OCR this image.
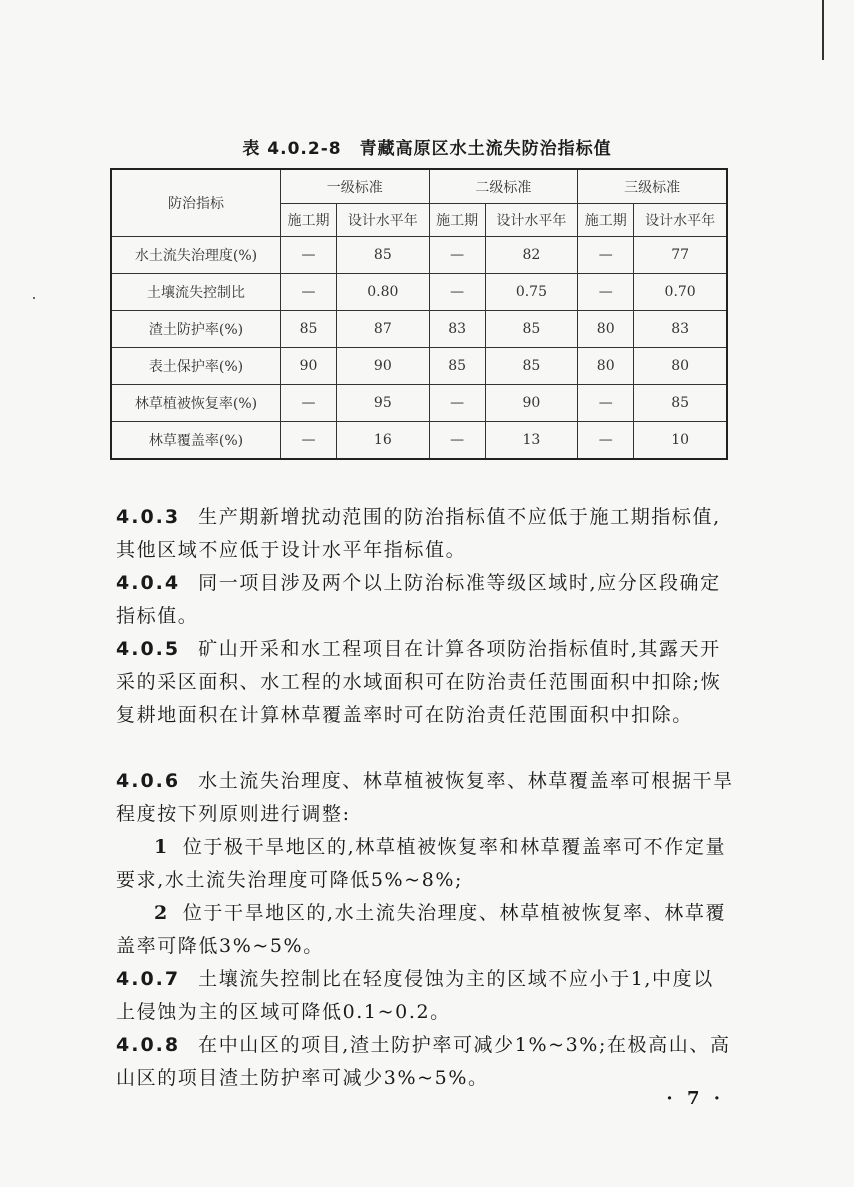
表 4.0.2-8 青藏高原区水土流失防治指标值
防治指标	一级标准		二级标准		三级标准	
	施工期	设计水平年	施工期	设计水平年	施工期	设计水平年
水土流失治理度(%)	—	85	—	82	—	77
土壤流失控制比	—	0.80	—	0.75	—	0.70
渣土防护率(%)	85	87	83	85	80	83
表土保护率(%)	90	90	85	85	80	80
林草植被恢复率(%)	—	95	—	90	—	85
林草覆盖率(%)	—	16	—	13	—	10

4.0.3 生产期新增扰动范围的防治指标值不应低于施工期指标值,其他区域不应低于设计水平年指标值。

4.0.4 同一项目涉及两个以上防治标准等级区域时,应分区段确定指标值。

4.0.5 矿山开采和水工程项目在计算各项防治指标值时,其露天开采的采区面积、水工程的水域面积可在防治责任范围面积中扣除;恢复耕地面积在计算林草覆盖率时可在防治责任范围面积中扣除。

4.0.6 水土流失治理度、林草植被恢复率、林草覆盖率可根据干旱程度按下列原则进行调整:

1 位于极干旱地区的,林草植被恢复率和林草覆盖率可不作定量要求,水土流失治理度可降低5%~8%;

2 位于干旱地区的,水土流失治理度、林草植被恢复率、林草覆盖率可降低3%~5%。

4.0.7 土壤流失控制比在轻度侵蚀为主的区域不应小于1,中度以上侵蚀为主的区域可降低0.1~0.2。

4.0.8 在中山区的项目,渣土防护率可减少1%~3%;在极高山、高山区的项目渣土防护率可减少3%~5%。

· 7 ·
